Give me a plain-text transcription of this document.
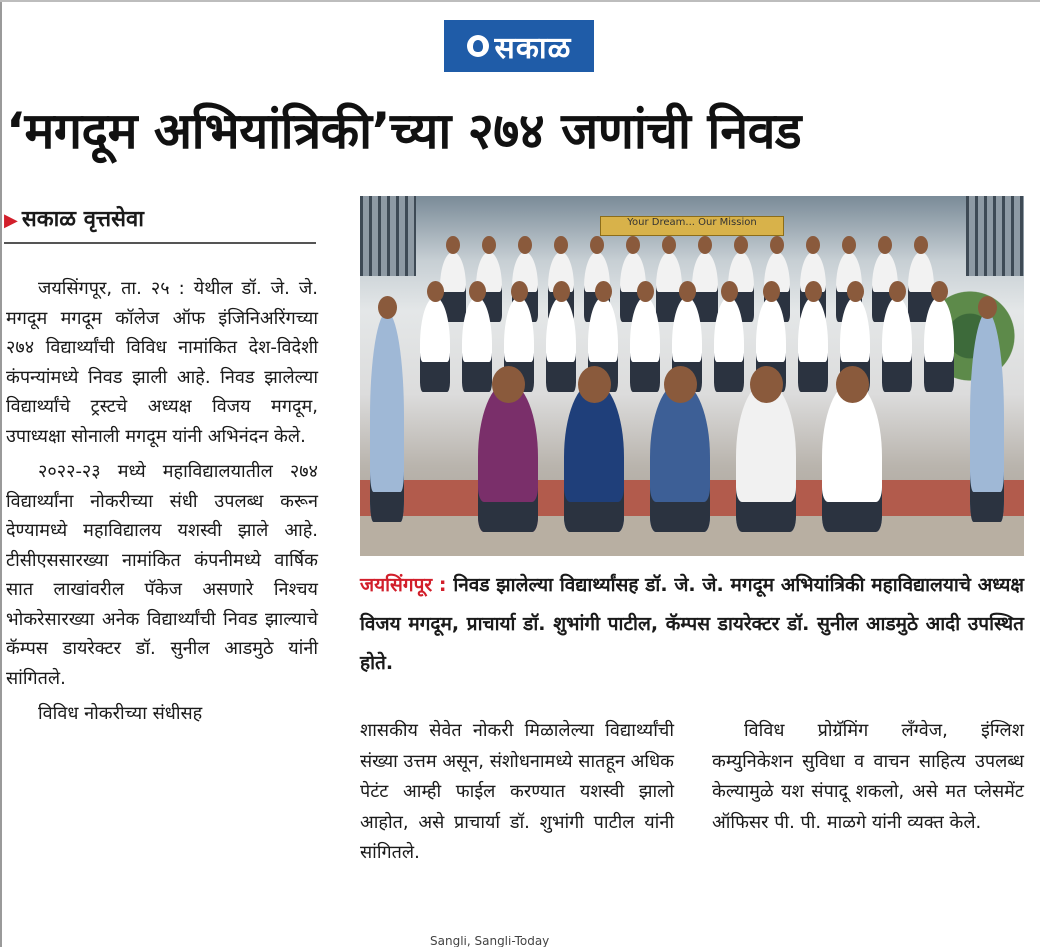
सकाळ
‘मगदूम अभियांत्रिकी’च्या २७४ जणांची निवड
▶ सकाळ वृत्तसेवा

जयसिंगपूर, ता. २५ : येथील डॉ. जे. जे. मगदूम मगदूम कॉलेज ऑफ इंजिनिअरिंगच्या २७४ विद्यार्थ्यांची विविध नामांकित देश-विदेशी कंपन्यांमध्ये निवड झाली आहे. निवड झालेल्या विद्यार्थ्यांचे ट्रस्टचे अध्यक्ष विजय मगदूम, उपाध्यक्षा सोनाली मगदूम यांनी अभिनंदन केले.

२०२२-२३ मध्ये महाविद्यालयातील २७४ विद्यार्थ्यांना नोकरीच्या संधी उपलब्ध करून देण्यामध्ये महाविद्यालय यशस्वी झाले आहे. टीसीएससारख्या नामांकित कंपनीमध्ये वार्षिक सात लाखांवरील पॅकेज असणारे निश्चय भोकरेसारख्या अनेक विद्यार्थ्यांची निवड झाल्याचे कॅम्पस डायरेक्टर डॉ. सुनील आडमुठे यांनी सांगितले.

विविध नोकरीच्या संधीसह

Your Dream... Our Mission
जयसिंगपूर : निवड झालेल्या विद्यार्थ्यांसह डॉ. जे. जे. मगदूम अभियांत्रिकी महाविद्यालयाचे अध्यक्ष विजय मगदूम, प्राचार्या डॉ. शुभांगी पाटील, कॅम्पस डायरेक्टर डॉ. सुनील आडमुठे आदी उपस्थित होते.

शासकीय सेवेत नोकरी मिळालेल्या विद्यार्थ्यांची संख्या उत्तम असून, संशोधनामध्ये सातहून अधिक पेटंट आम्ही फाईल करण्यात यशस्वी झालो आहोत, असे प्राचार्या डॉ. शुभांगी पाटील यांनी सांगितले.

विविध प्रोग्रॅमिंग लँग्वेज, इंग्लिश कम्युनिकेशन सुविधा व वाचन साहित्य उपलब्ध केल्यामुळे यश संपादू शकलो, असे मत प्लेसमेंट ऑफिसर पी. पी. माळगे यांनी व्यक्त केले.

Sangli, Sangli-Today
